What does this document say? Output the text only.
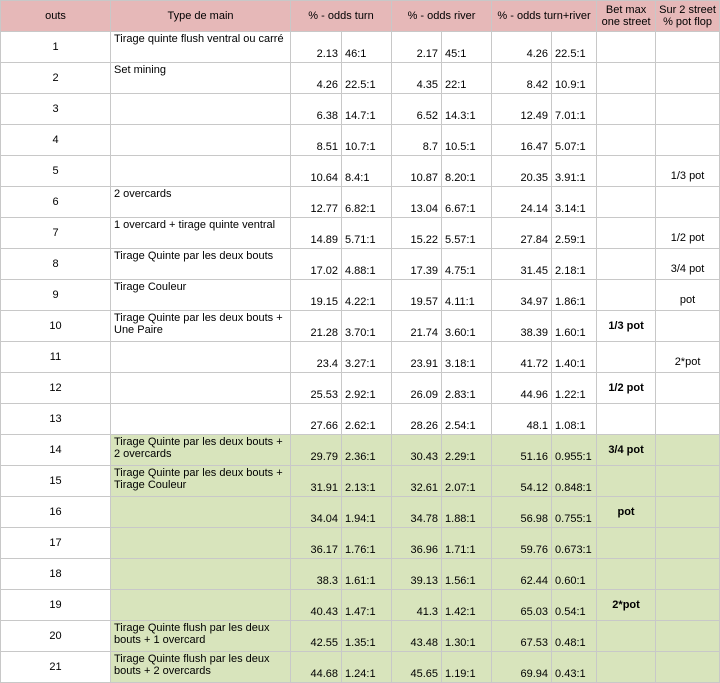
outs	Type de main	% - odds turn		% - odds river		% - odds turn+river		Bet max one street	Sur 2 street % pot flop
1	Tirage quinte flush ventral ou carré	2.13	46:1	2.17	45:1	4.26	22.5:1		
2	Set mining	4.26	22.5:1	4.35	22:1	8.42	10.9:1		
3		6.38	14.7:1	6.52	14.3:1	12.49	7.01:1		
4		8.51	10.7:1	8.7	10.5:1	16.47	5.07:1		
5		10.64	8.4:1	10.87	8.20:1	20.35	3.91:1		1/3 pot
6	2 overcards	12.77	6.82:1	13.04	6.67:1	24.14	3.14:1		
7	1 overcard + tirage quinte ventral	14.89	5.71:1	15.22	5.57:1	27.84	2.59:1		1/2 pot
8	Tirage Quinte par les deux bouts	17.02	4.88:1	17.39	4.75:1	31.45	2.18:1		3/4 pot
9	Tirage Couleur	19.15	4.22:1	19.57	4.11:1	34.97	1.86:1		pot
10	Tirage Quinte par les deux bouts + Une Paire	21.28	3.70:1	21.74	3.60:1	38.39	1.60:1	1/3 pot	
11		23.4	3.27:1	23.91	3.18:1	41.72	1.40:1		2*pot
12		25.53	2.92:1	26.09	2.83:1	44.96	1.22:1	1/2 pot	
13		27.66	2.62:1	28.26	2.54:1	48.1	1.08:1		
14	Tirage Quinte par les deux bouts + 2 overcards	29.79	2.36:1	30.43	2.29:1	51.16	0.955:1	3/4 pot	
15	Tirage Quinte par les deux bouts + Tirage Couleur	31.91	2.13:1	32.61	2.07:1	54.12	0.848:1		
16		34.04	1.94:1	34.78	1.88:1	56.98	0.755:1	pot	
17		36.17	1.76:1	36.96	1.71:1	59.76	0.673:1		
18		38.3	1.61:1	39.13	1.56:1	62.44	0.60:1		
19		40.43	1.47:1	41.3	1.42:1	65.03	0.54:1	2*pot	
20	Tirage Quinte flush par les deux bouts + 1 overcard	42.55	1.35:1	43.48	1.30:1	67.53	0.48:1		
21	Tirage Quinte flush par les deux bouts + 2 overcards	44.68	1.24:1	45.65	1.19:1	69.94	0.43:1		
